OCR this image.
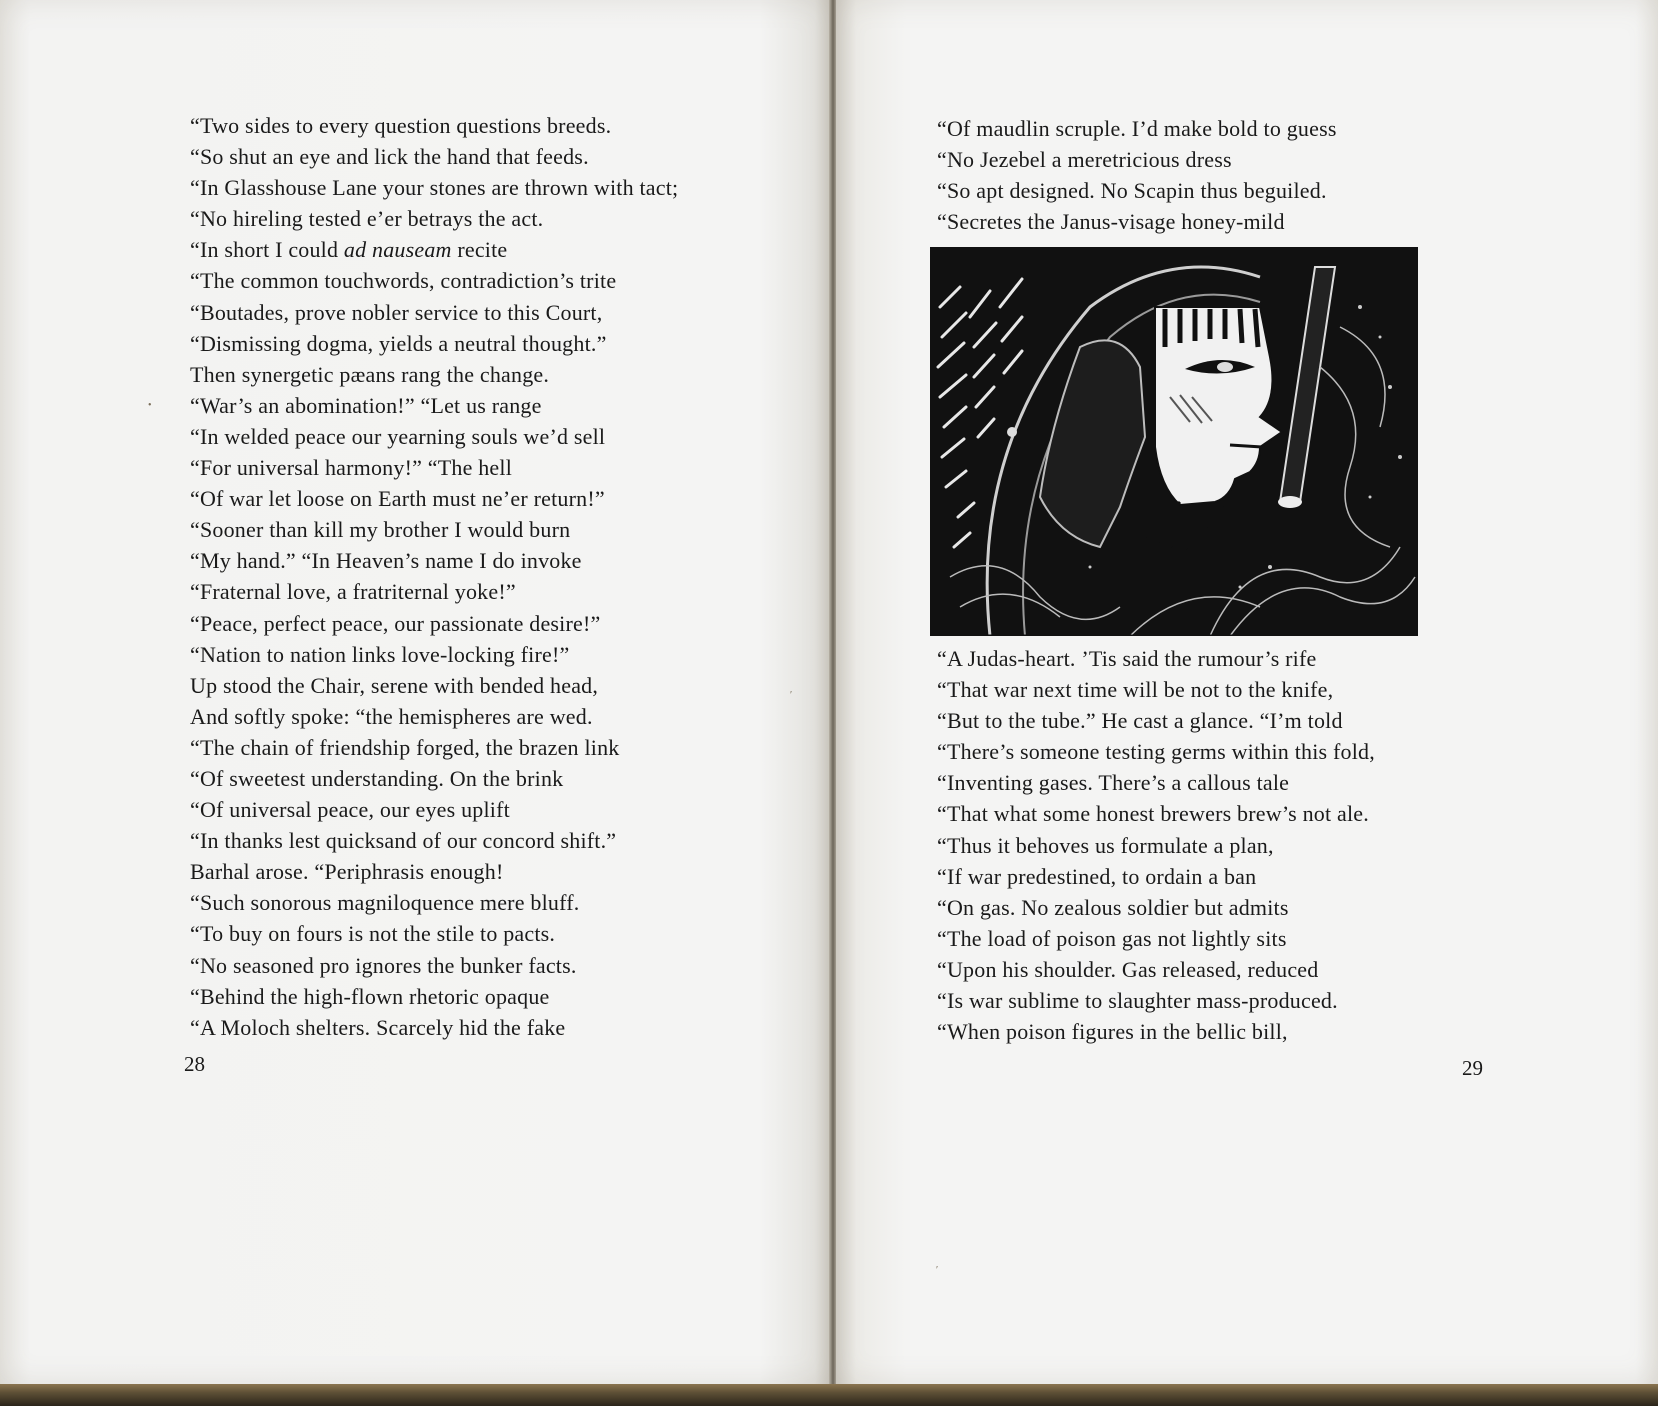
“Two sides to every question questions breeds.
“So shut an eye and lick the hand that feeds.
“In Glasshouse Lane your stones are thrown with tact;
“No hireling tested e’er betrays the act.
“In short I could ad nauseam recite
“The common touchwords, contradiction’s trite
“Boutades, prove nobler service to this Court,
“Dismissing dogma, yields a neutral thought.”
Then synergetic pæans rang the change.
“War’s an abomination!” “Let us range
“In welded peace our yearning souls we’d sell
“For universal harmony!” “The hell
“Of war let loose on Earth must ne’er return!”
“Sooner than kill my brother I would burn
“My hand.” “In Heaven’s name I do invoke
“Fraternal love, a fratriternal yoke!”
“Peace, perfect peace, our passionate desire!”
“Nation to nation links love-locking fire!”
Up stood the Chair, serene with bended head,
And softly spoke: “the hemispheres are wed.
“The chain of friendship forged, the brazen link
“Of sweetest understanding. On the brink
“Of universal peace, our eyes uplift
“In thanks lest quicksand of our concord shift.”
Barhal arose. “Periphrasis enough!
“Such sonorous magniloquence mere bluff.
“To buy on fours is not the stile to pacts.
“No seasoned pro ignores the bunker facts.
“Behind the high-flown rhetoric opaque
“A Moloch shelters. Scarcely hid the fake
28
•
′
“Of maudlin scruple. I’d make bold to guess
“No Jezebel a meretricious dress
“So apt designed. No Scapin thus beguiled.
“Secretes the Janus-visage honey-mild
“A Judas-heart. ’Tis said the rumour’s rife
“That war next time will be not to the knife,
“But to the tube.” He cast a glance. “I’m told
“There’s someone testing germs within this fold,
“Inventing gases. There’s a callous tale
“That what some honest brewers brew’s not ale.
“Thus it behoves us formulate a plan,
“If war predestined, to ordain a ban
“On gas. No zealous soldier but admits
“The load of poison gas not lightly sits
“Upon his shoulder. Gas released, reduced
“Is war sublime to slaughter mass-produced.
“When poison figures in the bellic bill,
29
′
